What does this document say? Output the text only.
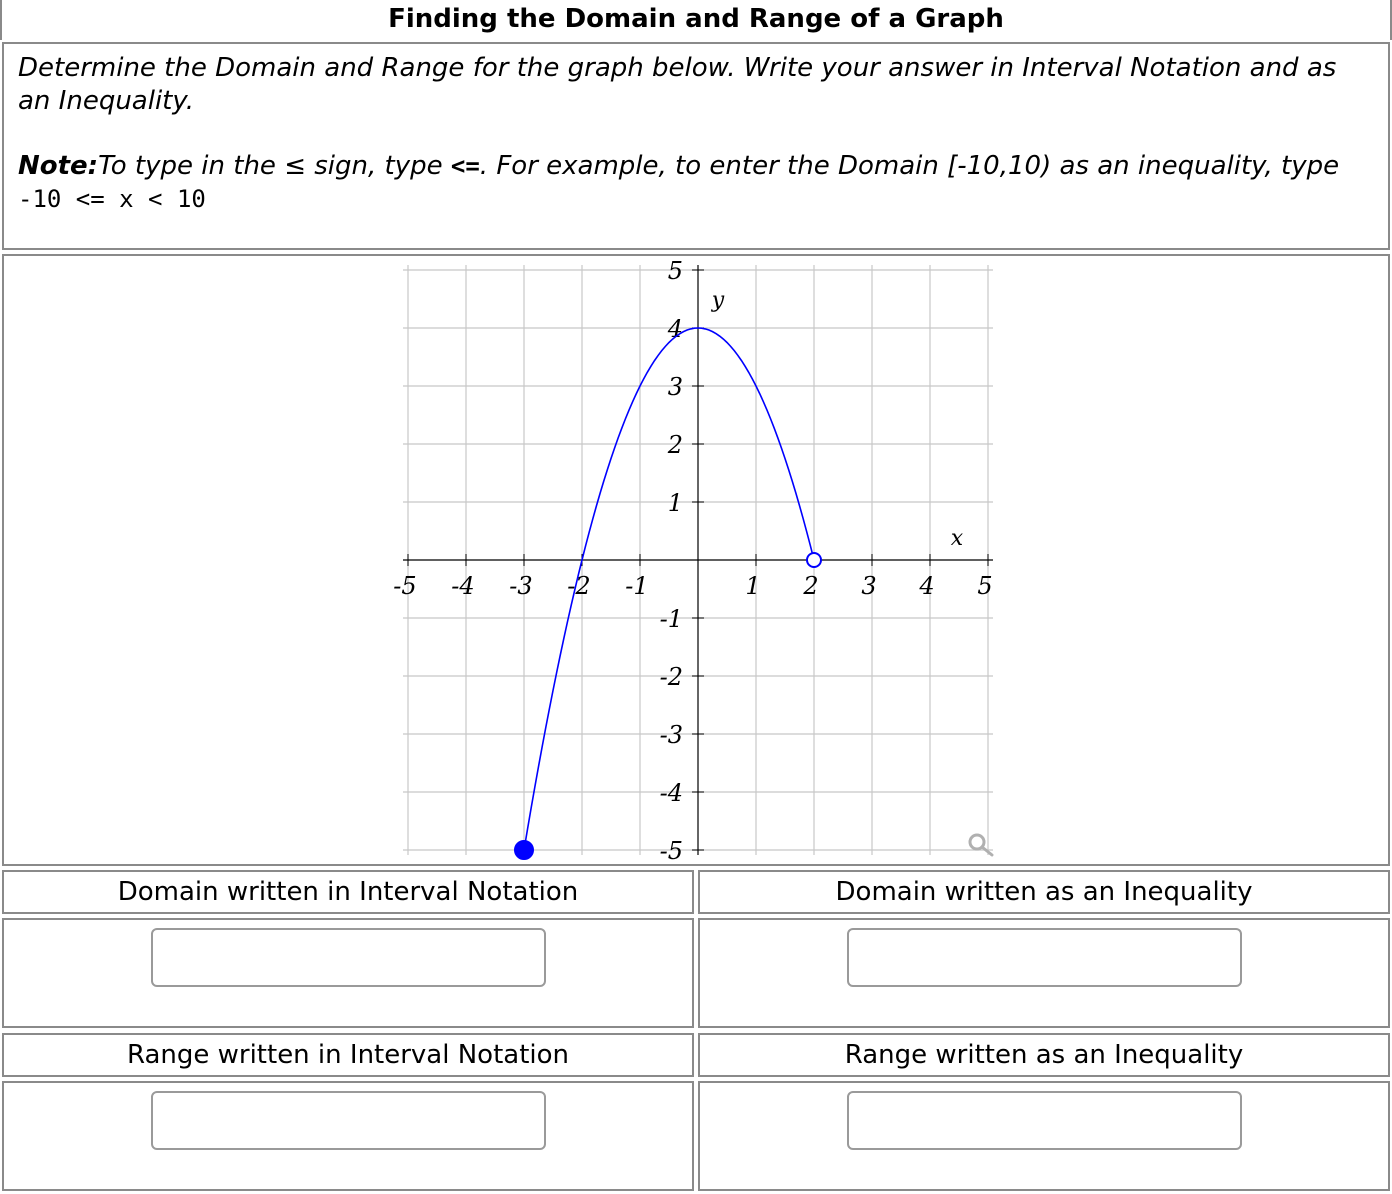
Finding the Domain and Range of a Graph

Determine the Domain and Range for the graph below. Write your answer in Interval Notation and as an Inequality.

Note:To type in the ≤ sign, type <=. For example, to enter the Domain [-10,10) as an inequality, type -10 <= x < 10

-5 -4 -3 -2 -1	1 2 3 4 5
5
4
3
2
1
-1
-2
-3
-4
-5
x
y
Domain written in Interval Notation	Domain written as an Inequality
Range written in Interval Notation	Range written as an Inequality
